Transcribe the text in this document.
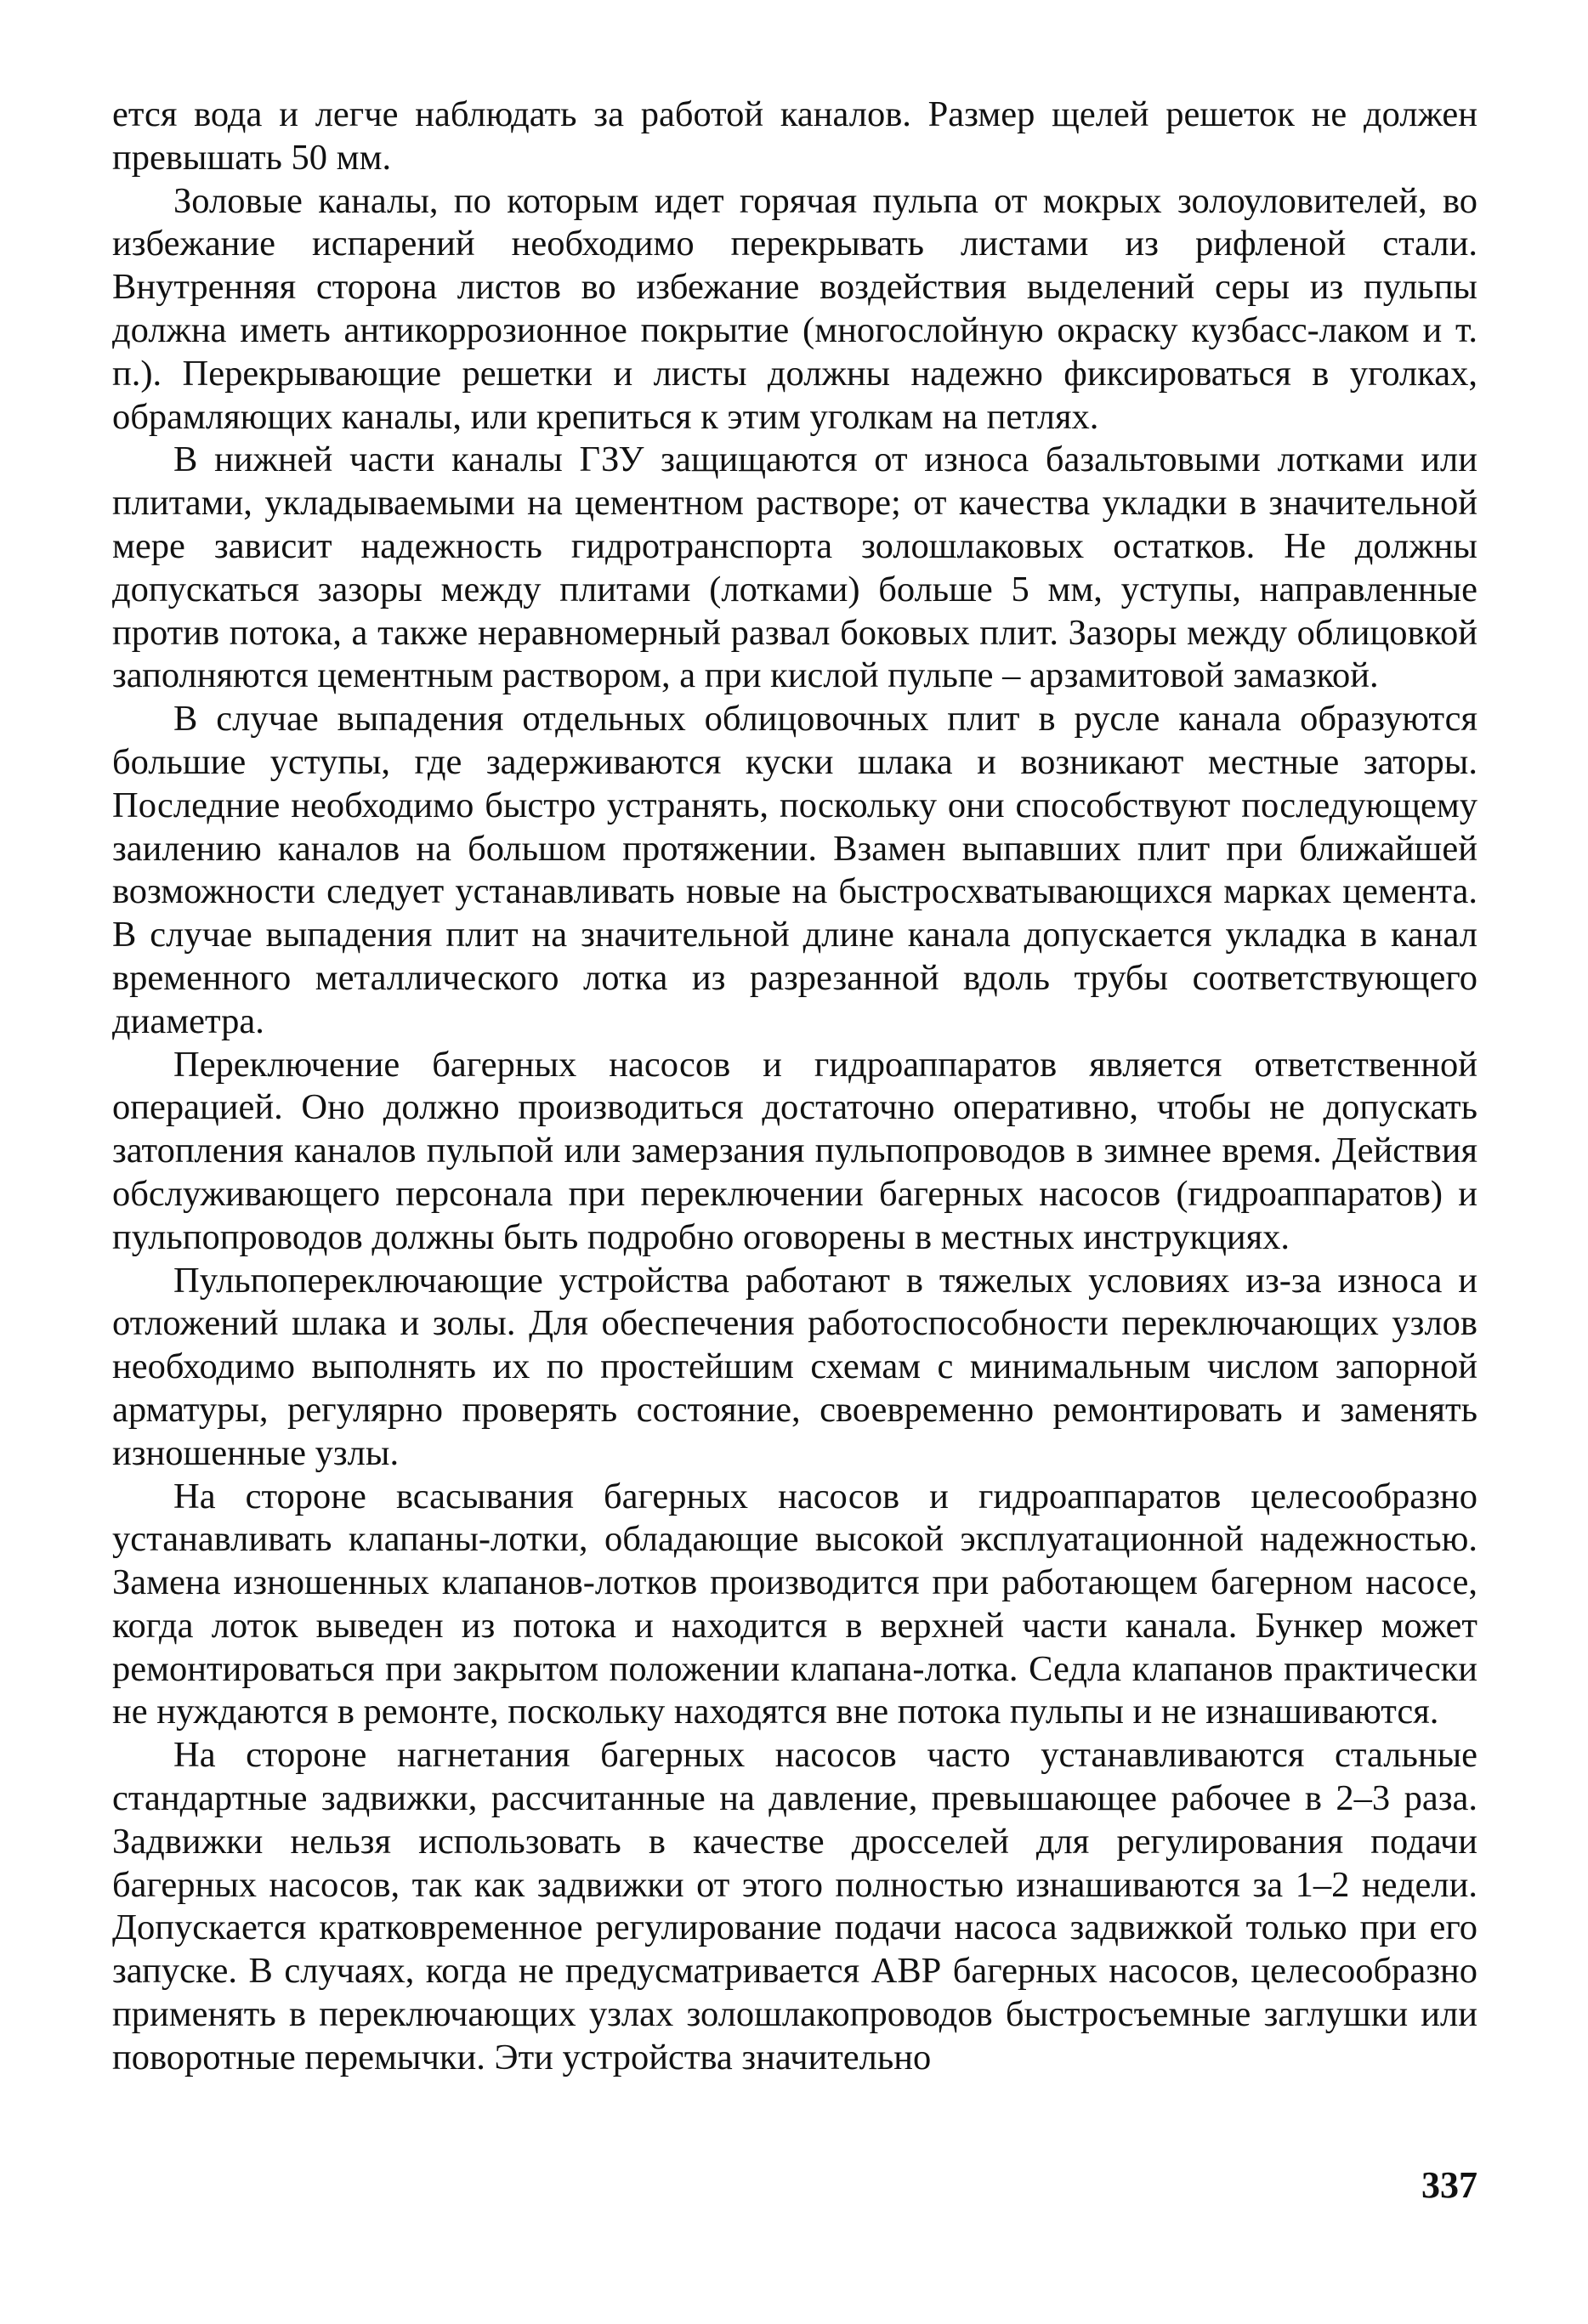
ется вода и легче наблюдать за работой каналов. Размер щелей решеток не должен превышать 50 мм.

Золовые каналы, по которым идет горячая пульпа от мокрых золоуловителей, во избежание испарений необходимо перекрывать листами из рифленой стали. Внутренняя сторона листов во избежание воздействия выделений серы из пульпы должна иметь антикоррозионное покрытие (многослойную окраску кузбасс-лаком и т. п.). Перекрывающие решетки и листы должны надежно фиксироваться в уголках, обрамляющих каналы, или крепиться к этим уголкам на петлях.

В нижней части каналы ГЗУ защищаются от износа базальтовыми лотками или плитами, укладываемыми на цементном растворе; от качества укладки в значительной мере зависит надежность гидротранспорта золошлаковых остатков. Не должны допускаться зазоры между плитами (лотками) больше 5 мм, уступы, направленные против потока, а также неравномерный развал боковых плит. Зазоры между облицовкой заполняются цементным раствором, а при кислой пульпе – арзамитовой замазкой.

В случае выпадения отдельных облицовочных плит в русле канала образуются большие уступы, где задерживаются куски шлака и возникают местные заторы. Последние необходимо быстро устранять, поскольку они способствуют последующему заилению каналов на большом протяжении. Взамен выпавших плит при ближайшей возможности следует устанавливать новые на быстросхватывающихся марках цемента. В случае выпадения плит на значительной длине канала допускается укладка в канал временного металлического лотка из разрезанной вдоль трубы соответствующего диаметра.

Переключение багерных насосов и гидроаппаратов является ответственной операцией. Оно должно производиться достаточно оперативно, чтобы не допускать затопления каналов пульпой или замерзания пульпопроводов в зимнее время. Действия обслуживающего персонала при переключении багерных насосов (гидроаппаратов) и пульпопроводов должны быть подробно оговорены в местных инструкциях.

Пульпопереключающие устройства работают в тяжелых условиях из-за износа и отложений шлака и золы. Для обеспечения работоспособности переключающих узлов необходимо выполнять их по простейшим схемам с минимальным числом запорной арматуры, регулярно проверять состояние, своевременно ремонтировать и заменять изношенные узлы.

На стороне всасывания багерных насосов и гидроаппаратов целесообразно устанавливать клапаны-лотки, обладающие высокой эксплуатационной надежностью. Замена изношенных клапанов-лотков производится при работающем багерном насосе, когда лоток выведен из потока и находится в верхней части канала. Бункер может ремонтироваться при закрытом положении клапана-лотка. Седла клапанов практически не нуждаются в ремонте, поскольку находятся вне потока пульпы и не изнашиваются.

На стороне нагнетания багерных насосов часто устанавливаются стальные стандартные задвижки, рассчитанные на давление, превышающее рабочее в 2–3 раза. Задвижки нельзя использовать в качестве дросселей для регулирования подачи багерных насосов, так как задвижки от этого полностью изнашиваются за 1–2 недели. Допускается кратковременное регулирование подачи насоса задвижкой только при его запуске. В случаях, когда не предусматривается АВР багерных насосов, целесообразно применять в переключающих узлах золошлакопроводов быстросъемные заглушки или поворотные перемычки. Эти устройства значительно

337
